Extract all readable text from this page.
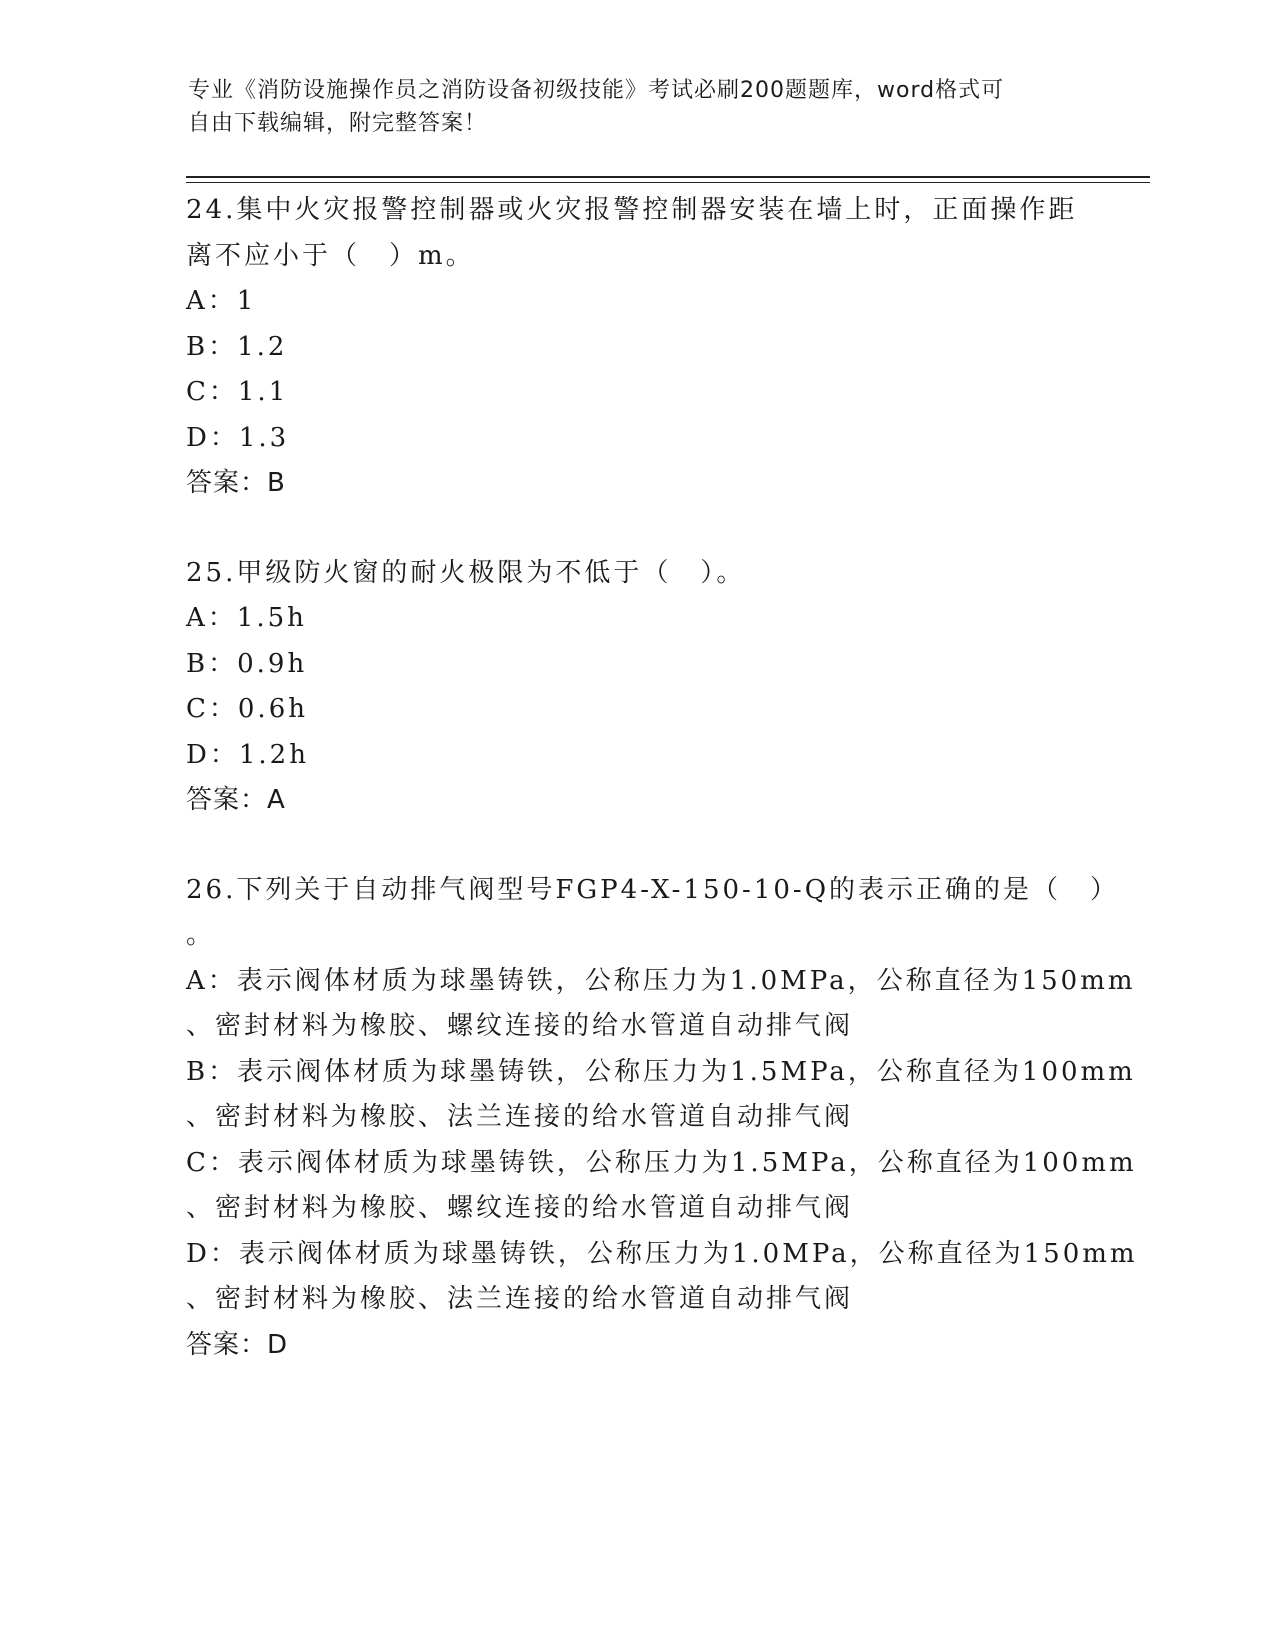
专业《消防设施操作员之消防设备初级技能》考试必刷200题题库，word格式可
自由下载编辑，附完整答案！
24.集中火灾报警控制器或火灾报警控制器安装在墙上时，正面操作距
离不应小于（　）m。
A：1
B：1.2
C：1.1
D：1.3
答案：B
25.甲级防火窗的耐火极限为不低于（　）。
A：1.5h
B：0.9h
C：0.6h
D：1.2h
答案：A
26.下列关于自动排气阀型号FGP4-X-150-10-Q的表示正确的是（　）
。
A：表示阀体材质为球墨铸铁，公称压力为1.0MPa，公称直径为150mm
、密封材料为橡胶、螺纹连接的给水管道自动排气阀
B：表示阀体材质为球墨铸铁，公称压力为1.5MPa，公称直径为100mm
、密封材料为橡胶、法兰连接的给水管道自动排气阀
C：表示阀体材质为球墨铸铁，公称压力为1.5MPa，公称直径为100mm
、密封材料为橡胶、螺纹连接的给水管道自动排气阀
D：表示阀体材质为球墨铸铁，公称压力为1.0MPa，公称直径为150mm
、密封材料为橡胶、法兰连接的给水管道自动排气阀
答案：D
